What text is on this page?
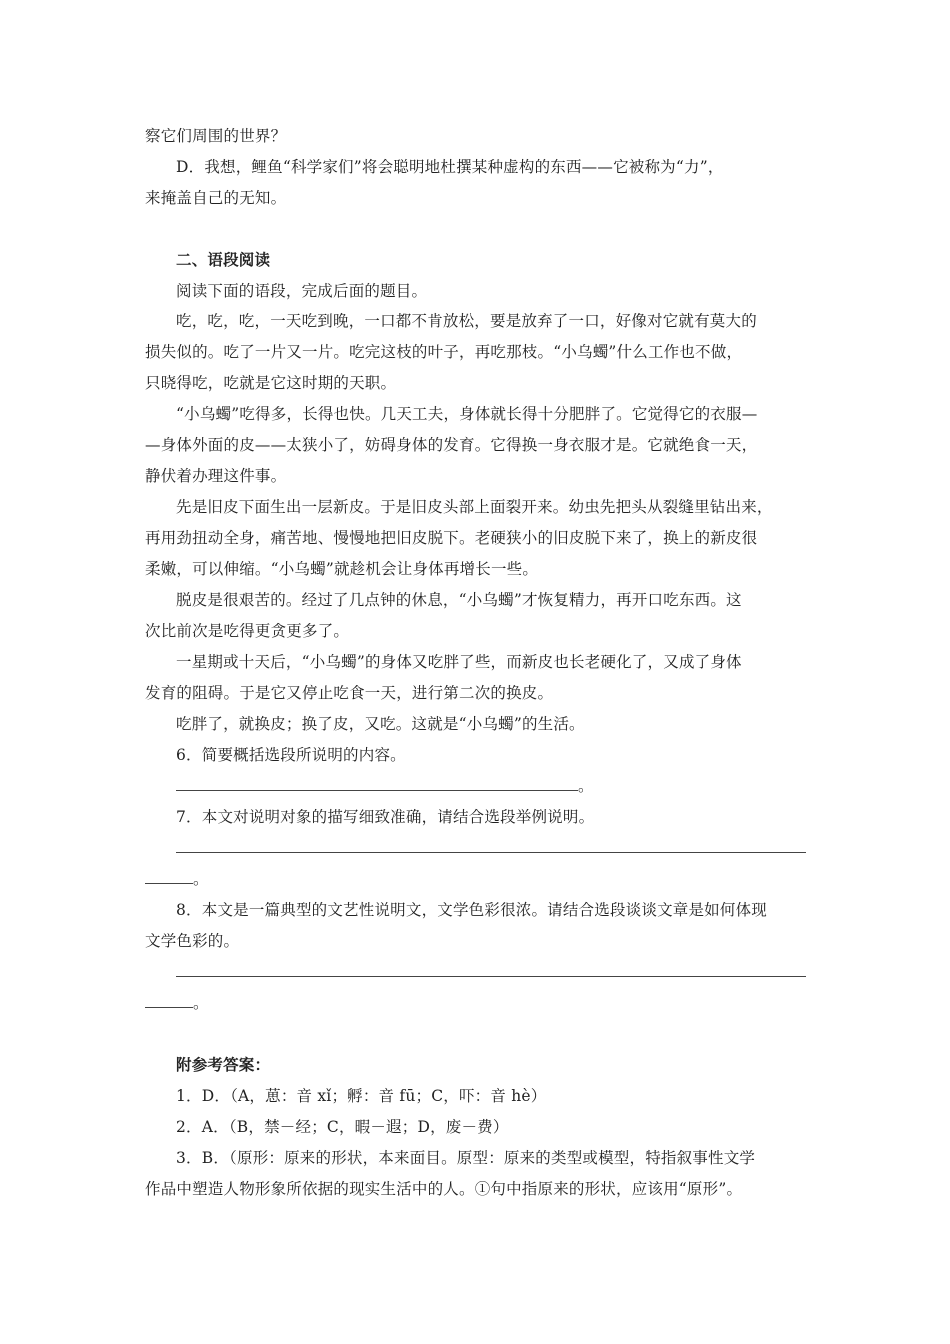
察它们周围的世界？
D．我想，鲤鱼“科学家们”将会聪明地杜撰某种虚构的东西——它被称为“力”，
来掩盖自己的无知。
二、语段阅读
阅读下面的语段，完成后面的题目。
吃，吃，吃，一天吃到晚，一口都不肯放松，要是放弃了一口，好像对它就有莫大的
损失似的。吃了一片又一片。吃完这枝的叶子，再吃那枝。“小乌蠋”什么工作也不做，
只晓得吃，吃就是它这时期的天职。
“小乌蠋”吃得多，长得也快。几天工夫，身体就长得十分肥胖了。它觉得它的衣服—
—身体外面的皮——太狭小了，妨碍身体的发育。它得换一身衣服才是。它就绝食一天，
静伏着办理这件事。
先是旧皮下面生出一层新皮。于是旧皮头部上面裂开来。幼虫先把头从裂缝里钻出来，
再用劲扭动全身，痛苦地、慢慢地把旧皮脱下。老硬狭小的旧皮脱下来了，换上的新皮很
柔嫩，可以伸缩。“小乌蠋”就趁机会让身体再增长一些。
脱皮是很艰苦的。经过了几点钟的休息，“小乌蠋”才恢复精力，再开口吃东西。这
次比前次是吃得更贪更多了。
一星期或十天后，“小乌蠋”的身体又吃胖了些，而新皮也长老硬化了，又成了身体
发育的阻碍。于是它又停止吃食一天，进行第二次的换皮。
吃胖了，就换皮；换了皮，又吃。这就是“小乌蠋”的生活。
6．简要概括选段所说明的内容。
。
7．本文对说明对象的描写细致准确，请结合选段举例说明。
。
8．本文是一篇典型的文艺性说明文，文学色彩很浓。请结合选段谈谈文章是如何体现
文学色彩的。
。
附参考答案：
1．D．（A，葸：音 xǐ；孵：音 fū；C，吓：音 hè）
2．A．（B，禁－经；C，暇－遐；D，废－费）
3．B．（原形：原来的形状，本来面目。原型：原来的类型或模型，特指叙事性文学
作品中塑造人物形象所依据的现实生活中的人。①句中指原来的形状，应该用“原形”。
